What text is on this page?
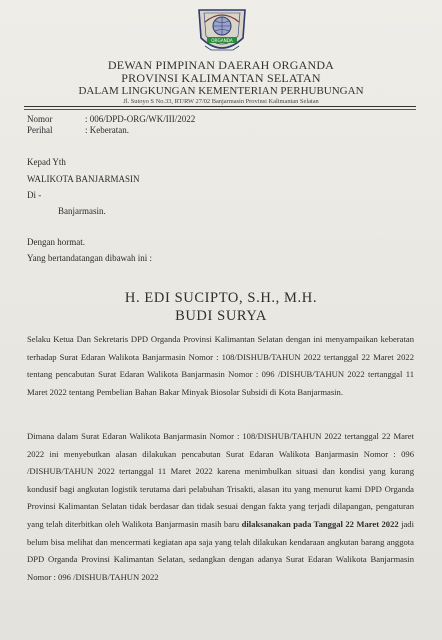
ORGANDA
DEWAN PIMPINAN DAERAH ORGANDA
PROVINSI KALIMANTAN SELATAN
DALAM LINGKUNGAN KEMENTERIAN PERHUBUNGAN
Jl. Sutoyo S No.33, RT/RW 27/02 Banjarmasin Provinsi Kalimantan Selatan
Nomor	: 006/DPD-ORG/WK/III/2022
Perihal	: Keberatan.
Kepad Yth
WALIKOTA BANJARMASIN
Di -
Banjarmasin.
Dengan hormat.
Yang bertandatangan dibawah ini :
H. EDI SUCIPTO, S.H., M.H.
BUDI SURYA

Selaku Ketua Dan Sekretaris DPD Organda Provinsi Kalimantan Selatan dengan ini menyampaikan keberatan terhadap Surat Edaran Walikota Banjarmasin Nomor : 108/DISHUB/TAHUN 2022 tertanggal 22 Maret 2022 tentang pencabutan Surat Edaran Walikota Banjarmasin Nomor : 096 /DISHUB/TAHUN 2022 tertanggal 11 Maret 2022 tentang Pembelian Bahan Bakar Minyak Biosolar Subsidi di Kota Banjarmasin.

Dimana dalam Surat Edaran Walikota Banjarmasin Nomor : 108/DISHUB/TAHUN 2022 tertanggal 22 Maret 2022 ini menyebutkan alasan dilakukan pencabutan Surat Edaran Walikota Banjarmasin Nomor : 096 /DISHUB/TAHUN 2022 tertanggal 11 Maret 2022 karena menimbulkan situasi dan kondisi yang kurang kondusif bagi angkutan logistik terutama dari pelabuhan Trisakti, alasan itu yang menurut kami DPD Organda Provinsi Kalimantan Selatan tidak berdasar dan tidak sesuai dengan fakta yang terjadi dilapangan, pengaturan yang telah diterbitkan oleh Walikota Banjarmasin masih baru dilaksanakan pada Tanggal 22 Maret 2022 jadi belum bisa melihat dan mencermati kegiatan apa saja yang telah dilakukan kendaraan angkutan barang anggota DPD Organda Provinsi Kalimantan Selatan, sedangkan dengan adanya Surat Edaran Walikota Banjarmasin Nomor : 096 /DISHUB/TAHUN 2022
